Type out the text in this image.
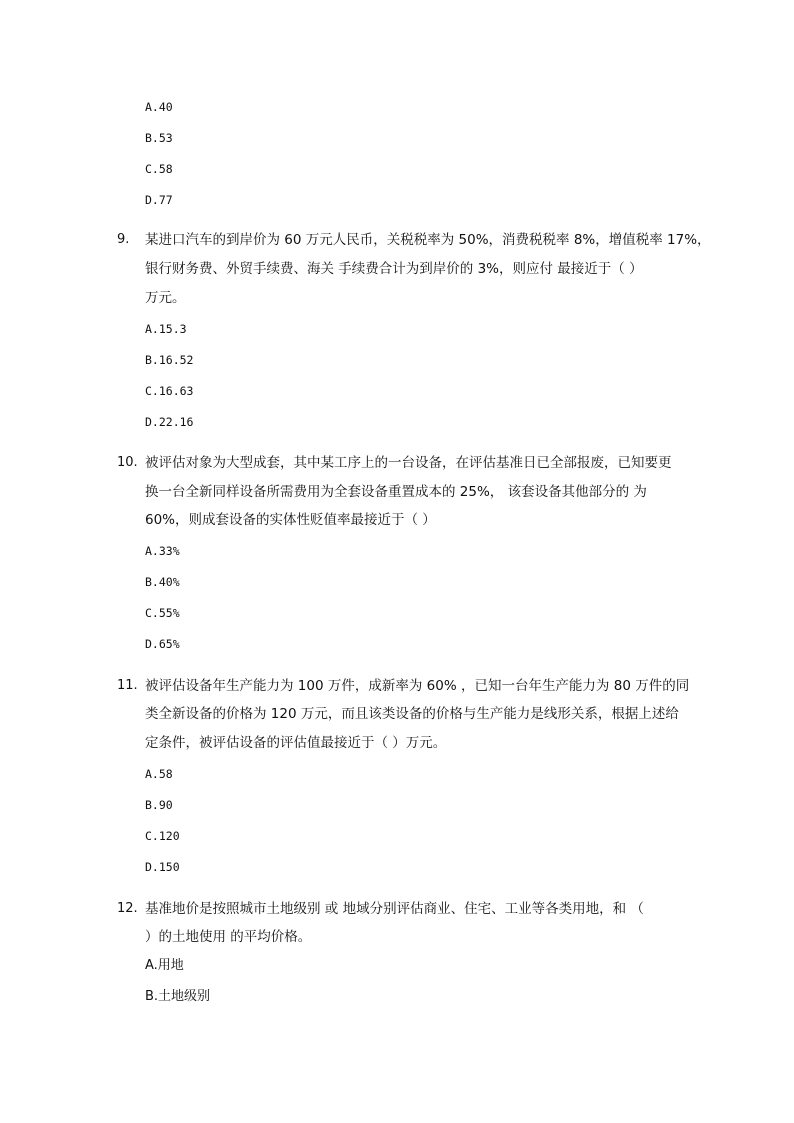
A.40
B.53
C.58
D.77
9. 某进口汽车的到岸价为 60 万元人民币，关税税率为 50%，消费税税率 8%，增值税率 17%，
银行财务费、外贸手续费、海关 手续费合计为到岸价的 3%，则应付 最接近于（ ）
万元。
A.15.3
B.16.52
C.16.63
D.22.16
10. 被评估对象为大型成套，其中某工序上的一台设备，在评估基准日已全部报废，已知要更
换一台全新同样设备所需费用为全套设备重置成本的 25%， 该套设备其他部分的 为
60%，则成套设备的实体性贬值率最接近于（ ）
A.33%
B.40%
C.55%
D.65%
11. 被评估设备年生产能力为 100 万件，成新率为 60% ，已知一台年生产能力为 80 万件的同
类全新设备的价格为 120 万元，而且该类设备的价格与生产能力是线形关系，根据上述给
定条件，被评估设备的评估值最接近于（ ）万元。
A.58
B.90
C.120
D.150
12. 基准地价是按照城市土地级别 或 地域分别评估商业、住宅、工业等各类用地，和 （
）的土地使用 的平均价格。
A.用地
B.土地级别
